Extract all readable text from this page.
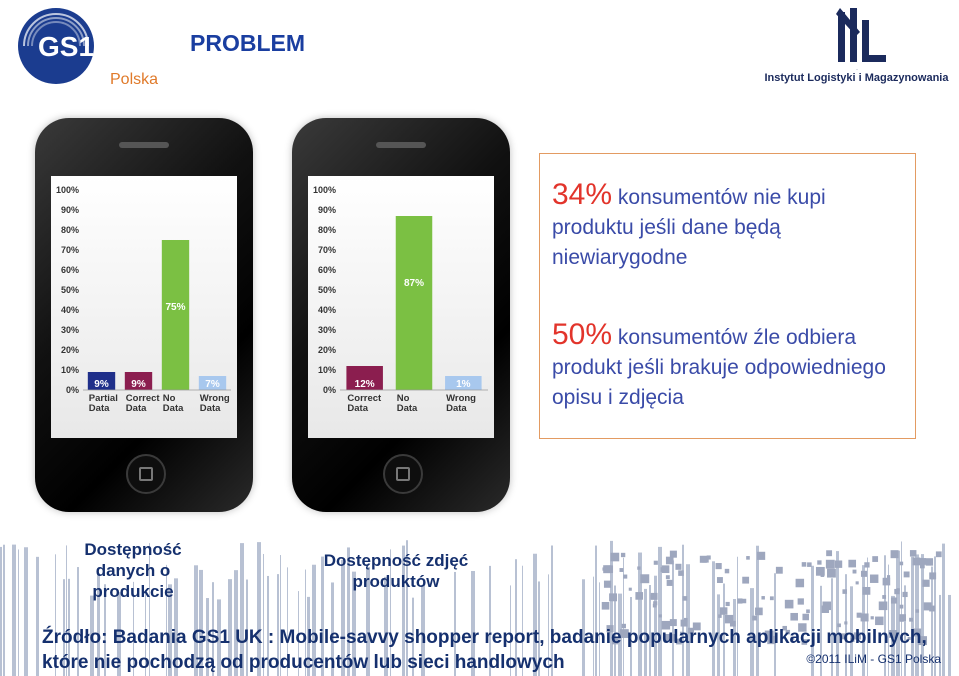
GS1
Polska
PROBLEM
ILiM
Instytut Logistyki i Magazynowania
100%
90%
80%
70%
60%
50%
40%
30%
20%
10%
0% 9%
Partial
Data
9%
Correct
Data
75%
No
Data
7%
Wrong
Data
100%
90%
80%
70%
60%
50%
40%
30%
20%
10%
0% 12%
Correct
Data
87%
No
Data
1%
Wrong
Data
34% konsumentów nie kupi produktu jeśli dane będą niewiarygodne
50% konsumentów źle odbiera produkt jeśli brakuje odpowiedniego opisu i zdjęcia
Dostępność danych o produkcie
Dostępność zdjęć produktów
Źródło: Badania GS1 UK : Mobile-savvy shopper report, badanie popularnych aplikacji mobilnych, które nie pochodzą od producentów lub sieci handlowych	©2011 ILiM - GS1 Polska
